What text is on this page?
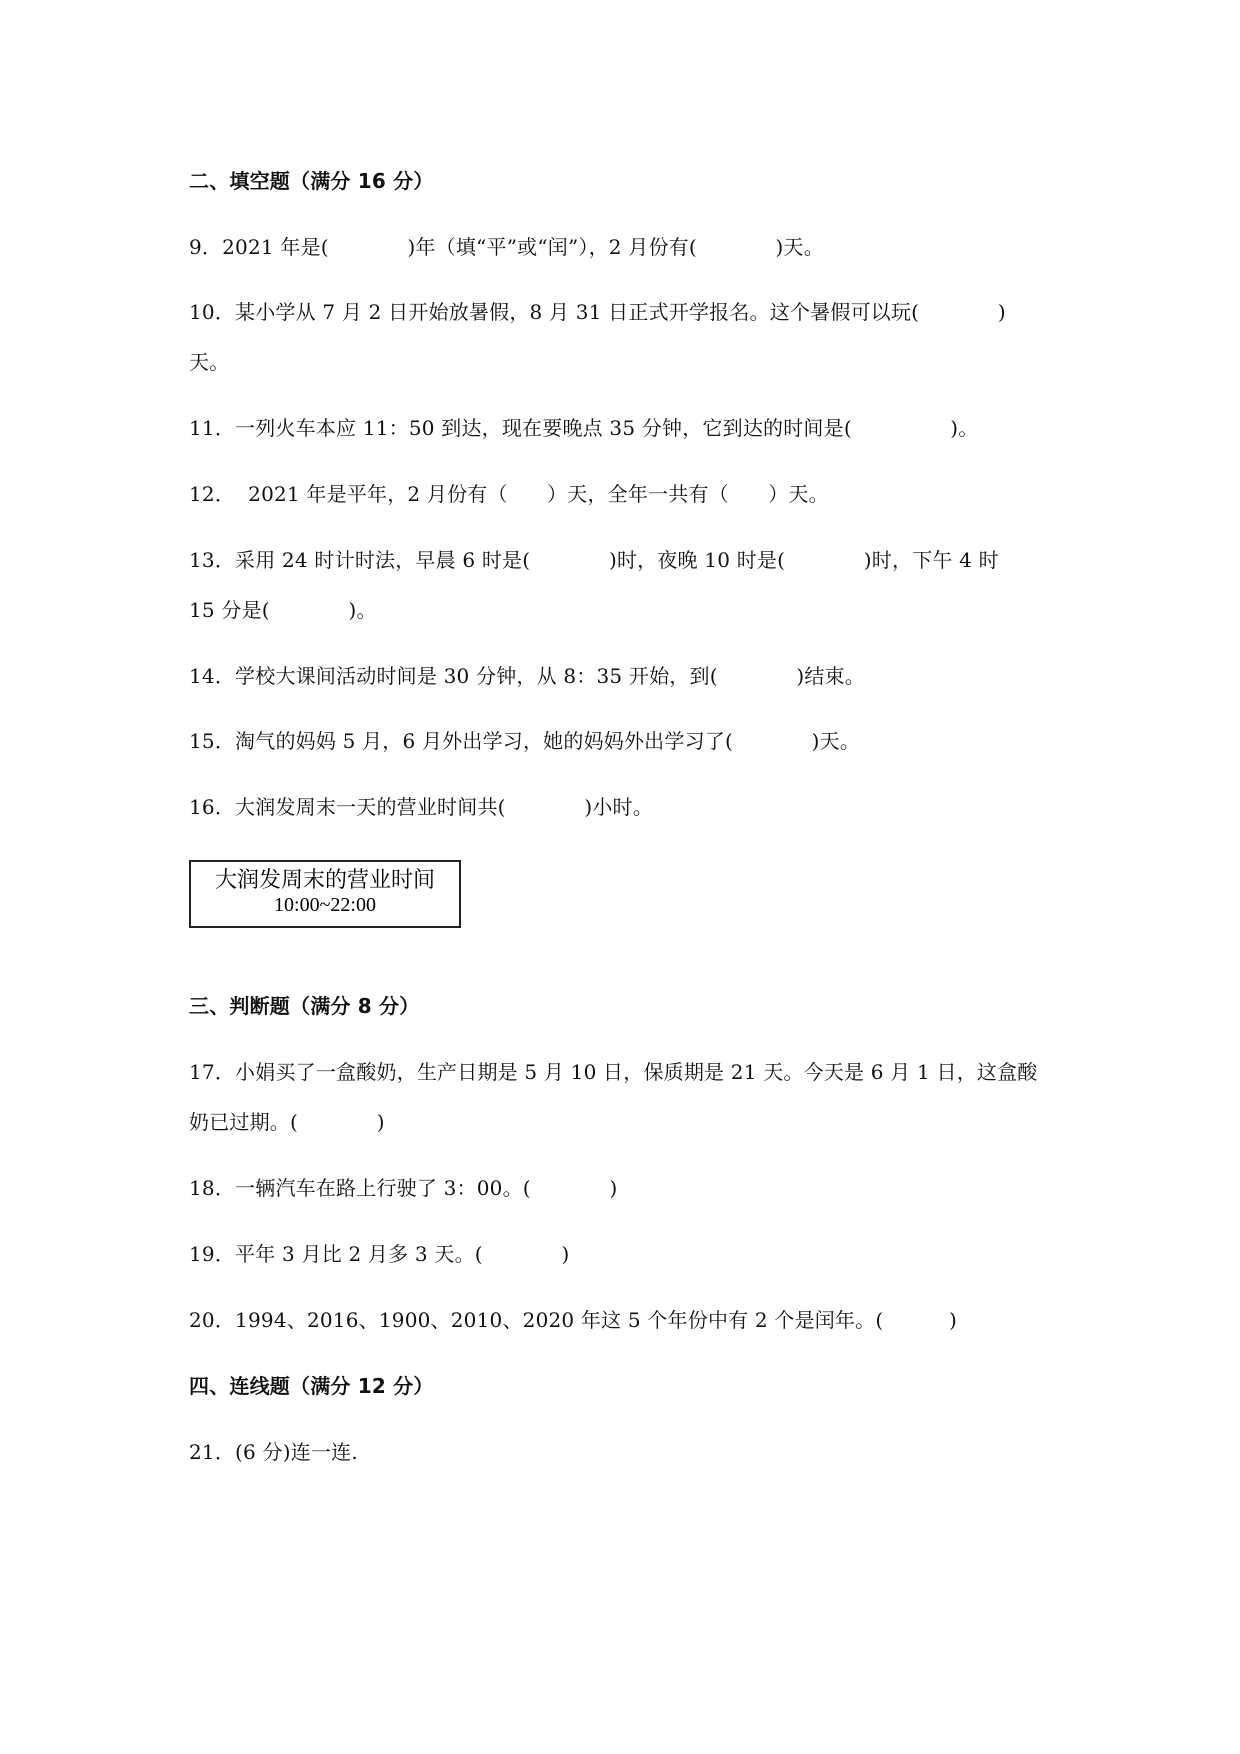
二、填空题（满分 16 分）
9．2021 年是(            )年（填“平”或“闰”），2 月份有(            )天。
10．某小学从 7 月 2 日开始放暑假，8 月 31 日正式开学报名。这个暑假可以玩(            )
天。
11．一列火车本应 11：50 到达，现在要晚点 35 分钟，它到达的时间是(               )。
12．  2021 年是平年，2 月份有（      ）天，全年一共有（      ）天。
13．采用 24 时计时法，早晨 6 时是(            )时，夜晚 10 时是(            )时，下午 4 时
15 分是(            )。
14．学校大课间活动时间是 30 分钟，从 8：35 开始，到(            )结束。
15．淘气的妈妈 5 月，6 月外出学习，她的妈妈外出学习了(            )天。
16．大润发周末一天的营业时间共(            )小时。
大润发周末的营业时间
10:00~22:00
三、判断题（满分 8 分）
17．小娟买了一盒酸奶，生产日期是 5 月 10 日，保质期是 21 天。今天是 6 月 1 日，这盒酸
奶已过期。(            )
18．一辆汽车在路上行驶了 3：00。(            )
19．平年 3 月比 2 月多 3 天。(            )
20．1994、2016、1900、2010、2020 年这 5 个年份中有 2 个是闰年。(          )
四、连线题（满分 12 分）
21．(6 分)连一连.
